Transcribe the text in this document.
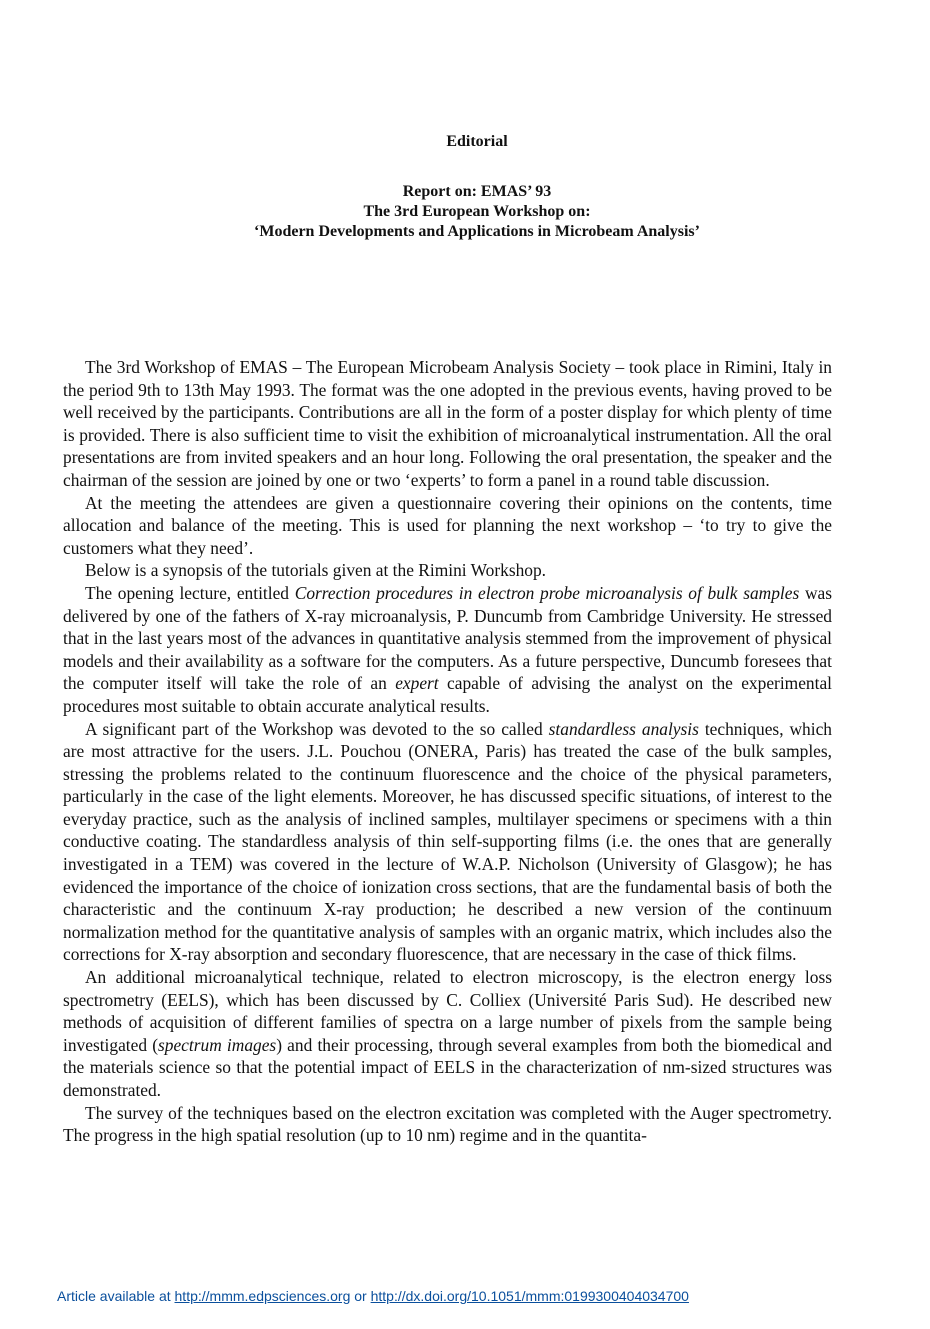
Editorial
Report on: EMAS’ 93
The 3rd European Workshop on:
‘Modern Developments and Applications in Microbeam Analysis’

The 3rd Workshop of EMAS – The European Microbeam Analysis Society – took place in Rimini, Italy in the period 9th to 13th May 1993. The format was the one adopted in the previous events, having proved to be well received by the participants. Contributions are all in the form of a poster display for which plenty of time is provided. There is also sufficient time to visit the exhibition of microanalytical instrumentation. All the oral presentations are from invited speakers and an hour long. Following the oral presentation, the speaker and the chairman of the session are joined by one or two ‘experts’ to form a panel in a round table discussion.

At the meeting the attendees are given a questionnaire covering their opinions on the contents, time allocation and balance of the meeting. This is used for planning the next workshop – ‘to try to give the customers what they need’.

Below is a synopsis of the tutorials given at the Rimini Workshop.

The opening lecture, entitled Correction procedures in electron probe microanalysis of bulk samples was delivered by one of the fathers of X-ray microanalysis, P. Duncumb from Cambridge University. He stressed that in the last years most of the advances in quantitative analysis stemmed from the improvement of physical models and their availability as a software for the computers. As a future perspective, Duncumb foresees that the computer itself will take the role of an expert capable of advising the analyst on the experimental procedures most suitable to obtain accurate analytical results.

A significant part of the Workshop was devoted to the so called standardless analysis techniques, which are most attractive for the users. J.L. Pouchou (ONERA, Paris) has treated the case of the bulk samples, stressing the problems related to the continuum fluorescence and the choice of the physical parameters, particularly in the case of the light elements. Moreover, he has discussed specific situations, of interest to the everyday practice, such as the analysis of inclined samples, multilayer specimens or specimens with a thin conductive coating. The standardless analysis of thin self-supporting films (i.e. the ones that are generally investigated in a TEM) was covered in the lecture of W.A.P. Nicholson (University of Glasgow); he has evidenced the importance of the choice of ionization cross sections, that are the fundamental basis of both the characteristic and the continuum X-ray production; he described a new version of the continuum normalization method for the quantitative analysis of samples with an organic matrix, which includes also the corrections for X-ray absorption and secondary fluorescence, that are necessary in the case of thick films.

An additional microanalytical technique, related to electron microscopy, is the electron energy loss spectrometry (EELS), which has been discussed by C. Colliex (Université Paris Sud). He described new methods of acquisition of different families of spectra on a large number of pixels from the sample being investigated (spectrum images) and their processing, through several examples from both the biomedical and the materials science so that the potential impact of EELS in the characterization of nm-sized structures was demonstrated.

The survey of the techniques based on the electron excitation was completed with the Auger spectrometry. The progress in the high spatial resolution (up to 10 nm) regime and in the quantita-

Article available at http://mmm.edpsciences.org or http://dx.doi.org/10.1051/mmm:0199300404034700
